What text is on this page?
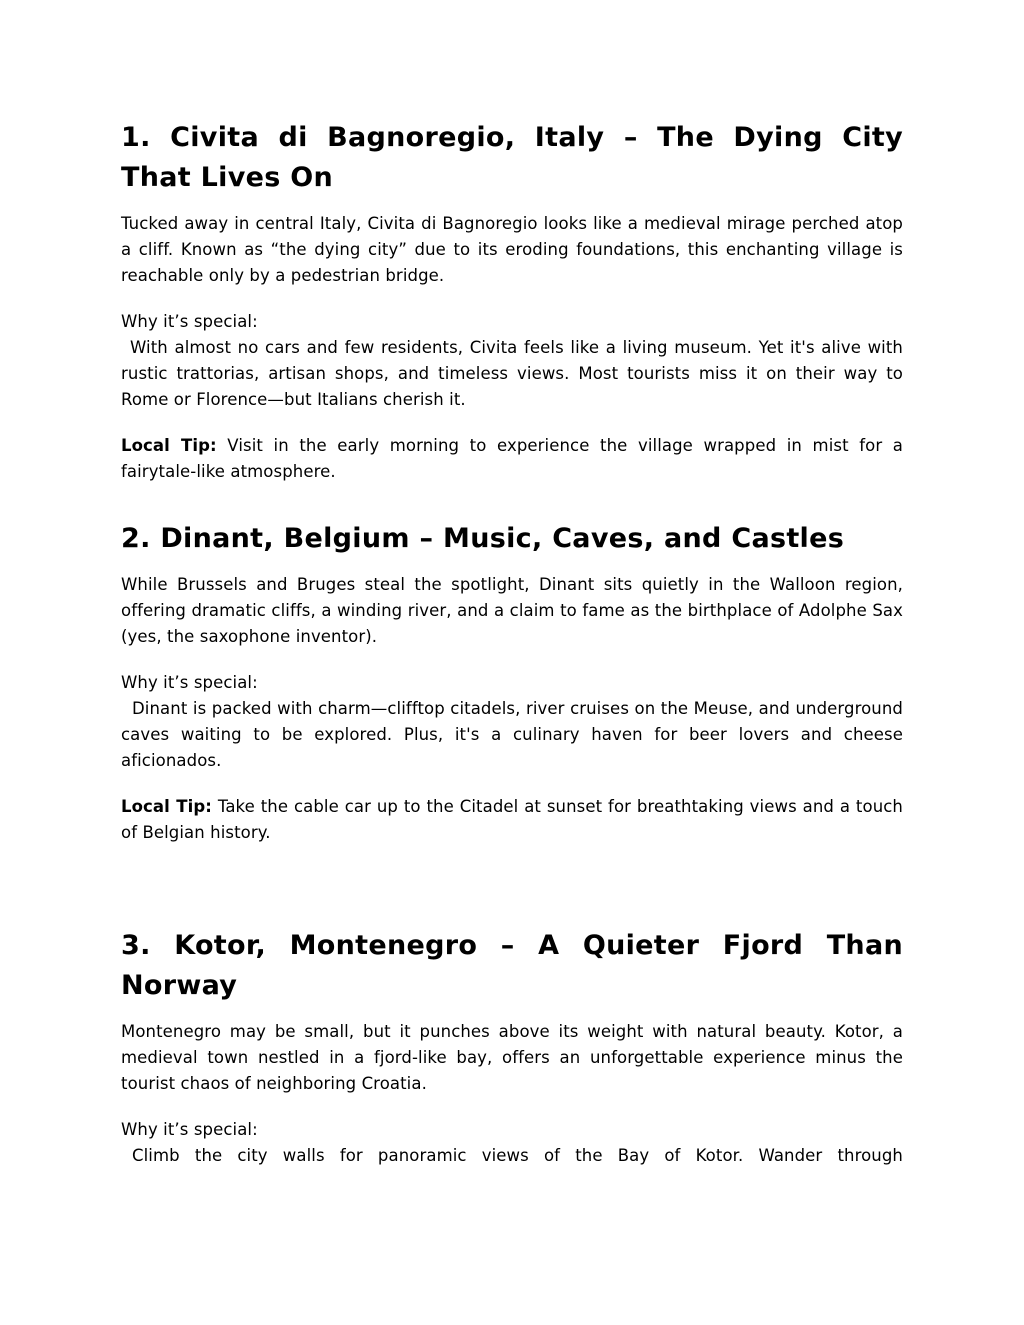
1. Civita di Bagnoregio, Italy – The Dying City That Lives On

Tucked away in central Italy, Civita di Bagnoregio looks like a medieval mirage perched atop a cliff. Known as “the dying city” due to its eroding foundations, this enchanting village is reachable only by a pedestrian bridge.

Why it’s special:

With almost no cars and few residents, Civita feels like a living museum. Yet it's alive with rustic trattorias, artisan shops, and timeless views. Most tourists miss it on their way to Rome or Florence—but Italians cherish it.

Local Tip: Visit in the early morning to experience the village wrapped in mist for a fairytale-like atmosphere.

2. Dinant, Belgium – Music, Caves, and Castles

While Brussels and Bruges steal the spotlight, Dinant sits quietly in the Walloon region, offering dramatic cliffs, a winding river, and a claim to fame as the birthplace of Adolphe Sax (yes, the saxophone inventor).

Why it’s special:

Dinant is packed with charm—clifftop citadels, river cruises on the Meuse, and underground caves waiting to be explored. Plus, it's a culinary haven for beer lovers and cheese aficionados.

Local Tip: Take the cable car up to the Citadel at sunset for breathtaking views and a touch of Belgian history.

3. Kotor, Montenegro – A Quieter Fjord Than Norway

Montenegro may be small, but it punches above its weight with natural beauty. Kotor, a medieval town nestled in a fjord-like bay, offers an unforgettable experience minus the tourist chaos of neighboring Croatia.

Why it’s special:

Climb the city walls for panoramic views of the Bay of Kotor. Wander through
